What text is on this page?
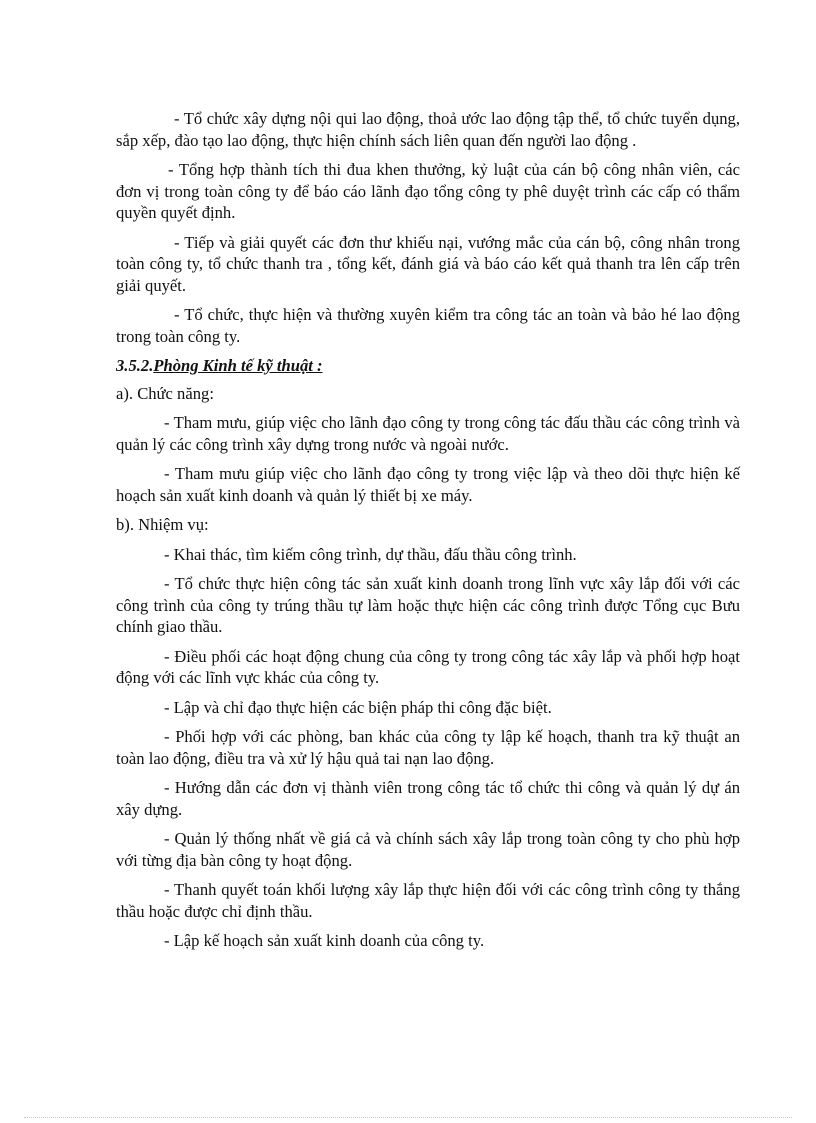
- Tổ chức xây dựng nội qui lao động, thoả ước lao động tập thể, tổ chức tuyển dụng, sắp xếp, đào tạo lao động, thực hiện chính sách liên quan đến người lao động .

- Tổng hợp thành tích thi đua khen thưởng, kỷ luật của cán bộ công nhân viên, các đơn vị trong toàn công ty để báo cáo lãnh đạo tổng công ty phê duyệt trình các cấp có thẩm quyền quyết định.

- Tiếp và giải quyết các đơn thư khiếu nại, vướng mắc của cán bộ, công nhân trong toàn công ty, tổ chức thanh tra , tổng kết, đánh giá và báo cáo kết quả thanh tra lên cấp trên giải quyết.

- Tổ chức, thực hiện và thường xuyên kiểm tra công tác an toàn và bảo hé lao động trong toàn công ty.

3.5.2.Phòng Kinh tế kỹ thuật :

a). Chức năng:

- Tham mưu, giúp việc cho lãnh đạo công ty trong công tác đấu thầu các công trình và quản lý các công trình xây dựng trong nước và ngoài nước.

- Tham mưu giúp việc cho lãnh đạo công ty trong việc lập và theo dõi thực hiện kế hoạch sản xuất kinh doanh và quản lý thiết bị xe máy.

b). Nhiệm vụ:

- Khai thác, tìm kiếm công trình, dự thầu, đấu thầu công trình.

- Tổ chức thực hiện công tác sản xuất kinh doanh trong lĩnh vực xây lắp đối với các công trình của công ty trúng thầu tự làm hoặc thực hiện các công trình được Tổng cục Bưu chính giao thầu.

- Điều phối các hoạt động chung của công ty trong công tác xây lắp và phối hợp hoạt động với các lĩnh vực khác của công ty.

- Lập và chỉ đạo thực hiện các biện pháp thi công đặc biệt.

- Phối hợp với các phòng, ban khác của công ty lập kế hoạch, thanh tra kỹ thuật an toàn lao động, điều tra và xử lý hậu quả tai nạn lao động.

- Hướng dẫn các đơn vị thành viên trong công tác tổ chức thi công và quản lý dự án xây dựng.

- Quản lý thống nhất về giá cả và chính sách xây lắp trong toàn công ty cho phù hợp với từng địa bàn công ty hoạt động.

- Thanh quyết toán khối lượng xây lắp thực hiện đối với các công trình công ty thắng thầu hoặc được chỉ định thầu.

- Lập kế hoạch sản xuất kinh doanh của công ty.
